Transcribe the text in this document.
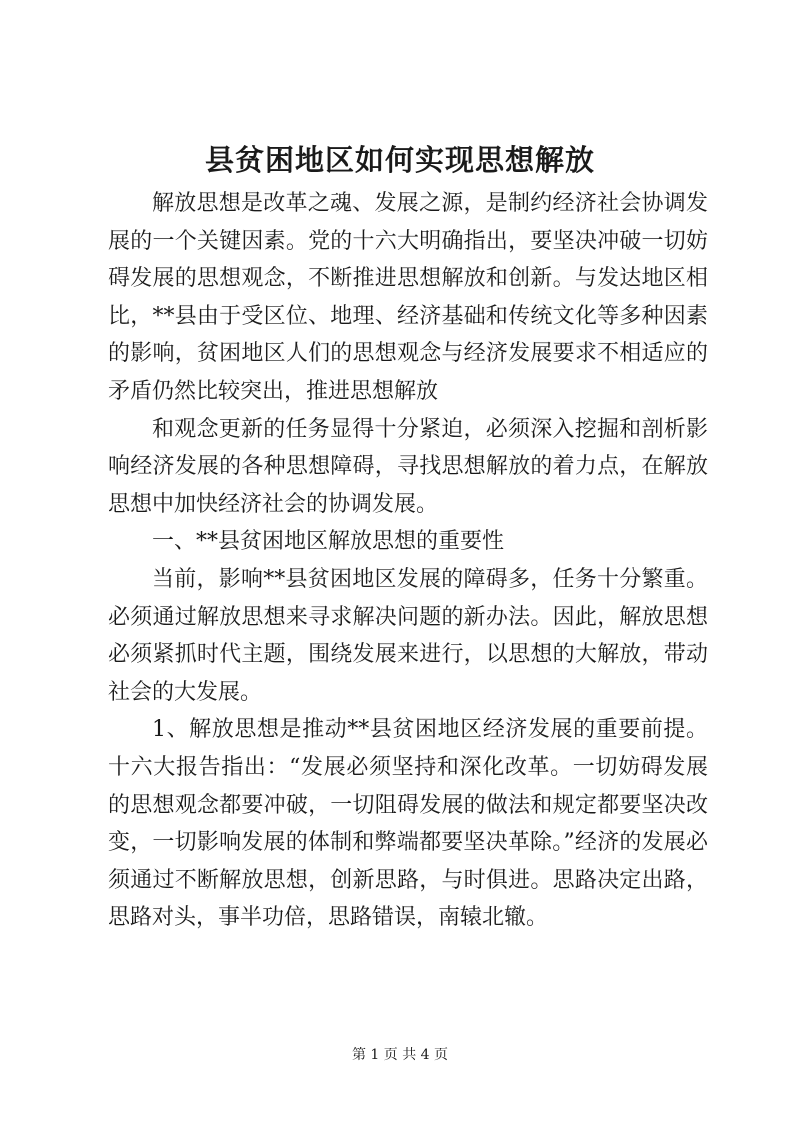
县贫困地区如何实现思想解放

解放思想是改革之魂、发展之源，是制约经济社会协调发展的一个关键因素。党的十六大明确指出，要坚决冲破一切妨碍发展的思想观念，不断推进思想解放和创新。与发达地区相比，**县由于受区位、地理、经济基础和传统文化等多种因素的影响，贫困地区人们的思想观念与经济发展要求不相适应的矛盾仍然比较突出，推进思想解放

和观念更新的任务显得十分紧迫，必须深入挖掘和剖析影响经济发展的各种思想障碍，寻找思想解放的着力点，在解放思想中加快经济社会的协调发展。

一、**县贫困地区解放思想的重要性

当前，影响**县贫困地区发展的障碍多，任务十分繁重。必须通过解放思想来寻求解决问题的新办法。因此，解放思想必须紧抓时代主题，围绕发展来进行，以思想的大解放，带动社会的大发展。

1、解放思想是推动**县贫困地区经济发展的重要前提。十六大报告指出：“发展必须坚持和深化改革。一切妨碍发展的思想观念都要冲破，一切阻碍发展的做法和规定都要坚决改变，一切影响发展的体制和弊端都要坚决革除。”经济的发展必须通过不断解放思想，创新思路，与时俱进。思路决定出路，思路对头，事半功倍，思路错误，南辕北辙。

第 1 页 共 4 页
